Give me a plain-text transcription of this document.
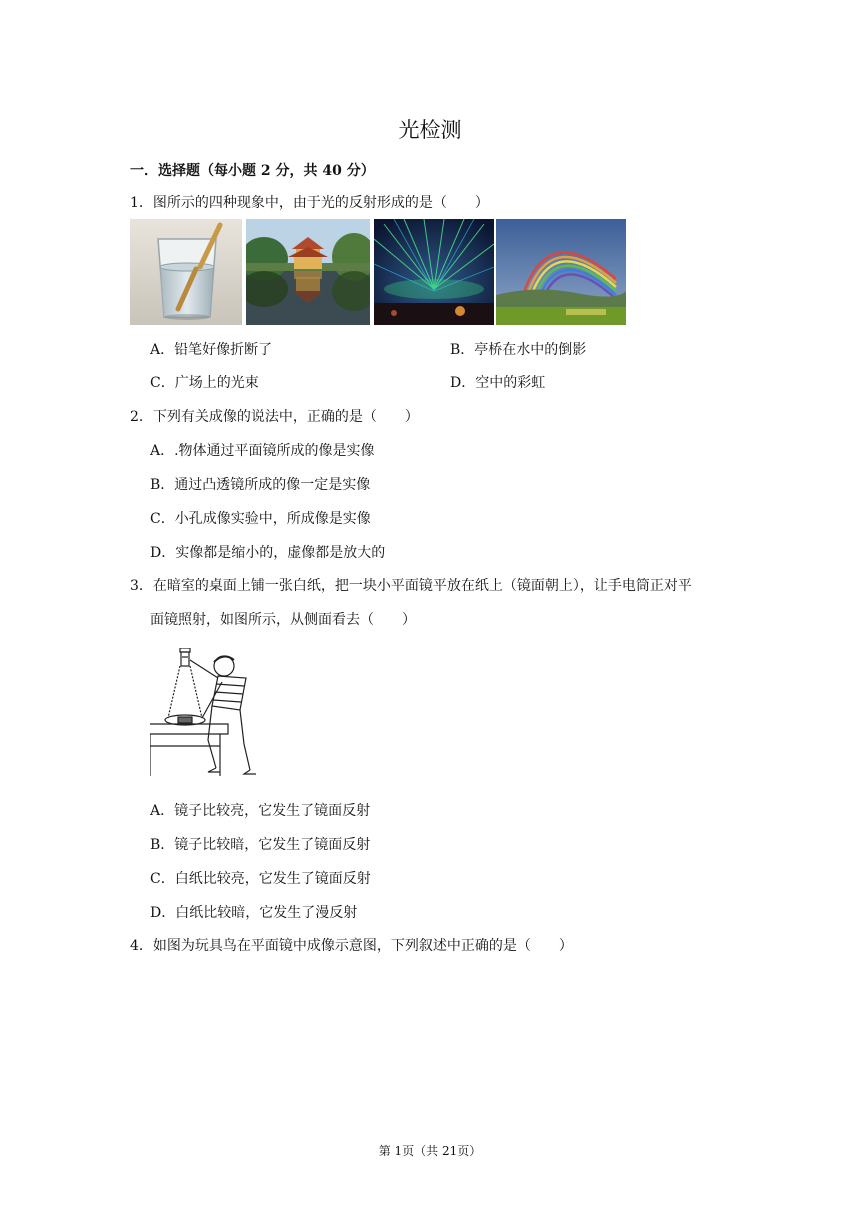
光检测
一．选择题（每小题 2 分，共 40 分）
1．图所示的四种现象中，由于光的反射形成的是（　　）
A．铅笔好像折断了	B．亭桥在水中的倒影
C．广场上的光束	D．空中的彩虹
2．下列有关成像的说法中，正确的是（　　）
A．.物体通过平面镜所成的像是实像
B．通过凸透镜所成的像一定是实像
C．小孔成像实验中，所成像是实像
D．实像都是缩小的，虚像都是放大的
3．在暗室的桌面上铺一张白纸，把一块小平面镜平放在纸上（镜面朝上），让手电筒正对平
面镜照射，如图所示，从侧面看去（　　）
A．镜子比较亮，它发生了镜面反射
B．镜子比较暗，它发生了镜面反射
C．白纸比较亮，它发生了镜面反射
D．白纸比较暗，它发生了漫反射
4．如图为玩具鸟在平面镜中成像示意图，下列叙述中正确的是（　　）
第 1页（共 21页）
